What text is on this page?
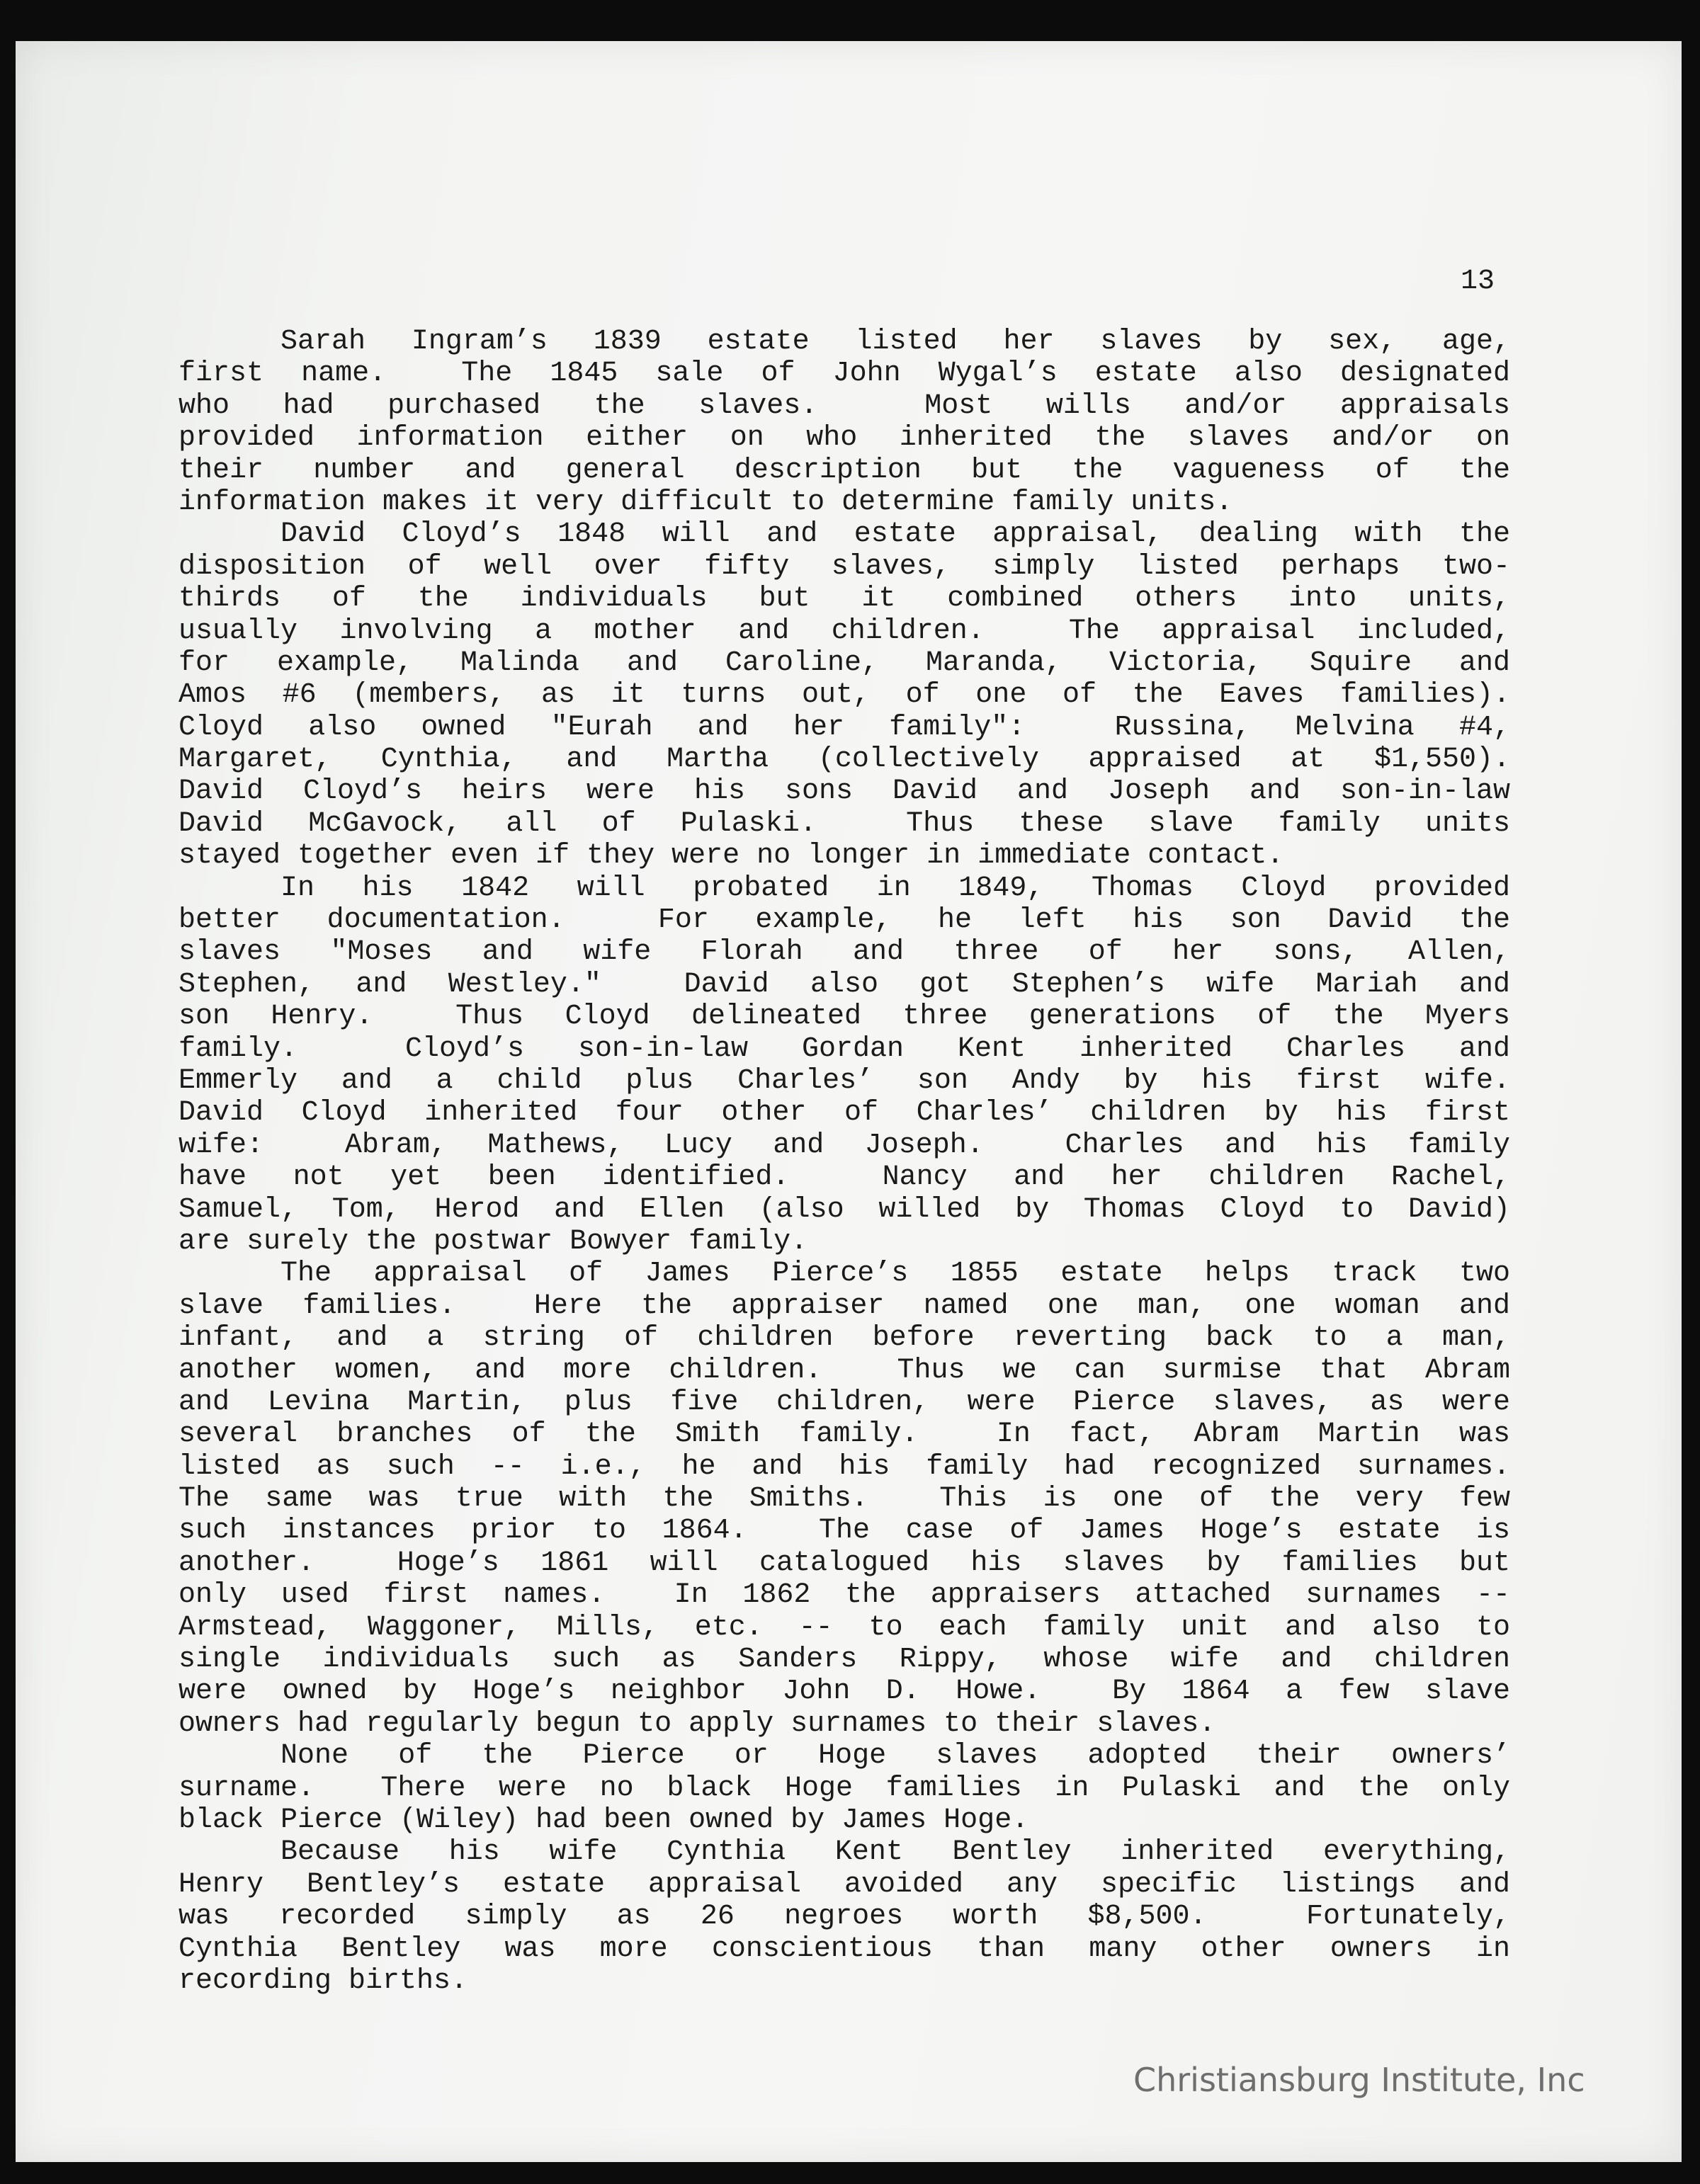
13
Sarah Ingram’s 1839 estate listed her slaves by sex, age,
first name.  The 1845 sale of John Wygal’s estate also designated
who had purchased the slaves.  Most wills and/or appraisals
provided information either on who inherited the slaves and/or on
their number and general description but the vagueness of the
information makes it very difficult to determine family units.
David Cloyd’s 1848 will and estate appraisal, dealing with the
disposition of well over fifty slaves, simply listed perhaps two-
thirds of the individuals but it combined others into units,
usually involving a mother and children.  The appraisal included,
for example, Malinda and Caroline, Maranda, Victoria, Squire and
Amos #6 (members, as it turns out, of one of the Eaves families).
Cloyd also owned "Eurah and her family":  Russina, Melvina #4,
Margaret, Cynthia, and Martha (collectively appraised at $1,550).
David Cloyd’s heirs were his sons David and Joseph and son-in-law
David McGavock, all of Pulaski.  Thus these slave family units
stayed together even if they were no longer in immediate contact.
In his 1842 will probated in 1849, Thomas Cloyd provided
better documentation.  For example, he left his son David the
slaves "Moses and wife Florah and three of her sons, Allen,
Stephen, and Westley."  David also got Stephen’s wife Mariah and
son Henry.  Thus Cloyd delineated three generations of the Myers
family.  Cloyd’s son-in-law Gordan Kent inherited Charles and
Emmerly and a child plus Charles’ son Andy by his first wife.
David Cloyd inherited four other of Charles’ children by his first
wife:  Abram, Mathews, Lucy and Joseph.  Charles and his family
have not yet been identified.  Nancy and her children Rachel,
Samuel, Tom, Herod and Ellen (also willed by Thomas Cloyd to David)
are surely the postwar Bowyer family.
The appraisal of James Pierce’s 1855 estate helps track two
slave families.  Here the appraiser named one man, one woman and
infant, and a string of children before reverting back to a man,
another women, and more children.  Thus we can surmise that Abram
and Levina Martin, plus five children, were Pierce slaves, as were
several branches of the Smith family.  In fact, Abram Martin was
listed as such -- i.e., he and his family had recognized surnames.
The same was true with the Smiths.  This is one of the very few
such instances prior to 1864.  The case of James Hoge’s estate is
another.  Hoge’s 1861 will catalogued his slaves by families but
only used first names.  In 1862 the appraisers attached surnames --
Armstead, Waggoner, Mills, etc. -- to each family unit and also to
single individuals such as Sanders Rippy, whose wife and children
were owned by Hoge’s neighbor John D. Howe.  By 1864 a few slave
owners had regularly begun to apply surnames to their slaves.
None of the Pierce or Hoge slaves adopted their owners’
surname.  There were no black Hoge families in Pulaski and the only
black Pierce (Wiley) had been owned by James Hoge.
Because his wife Cynthia Kent Bentley inherited everything,
Henry Bentley’s estate appraisal avoided any specific listings and
was recorded simply as 26 negroes worth $8,500.  Fortunately,
Cynthia Bentley was more conscientious than many other owners in
recording births.
Christiansburg Institute, Inc
